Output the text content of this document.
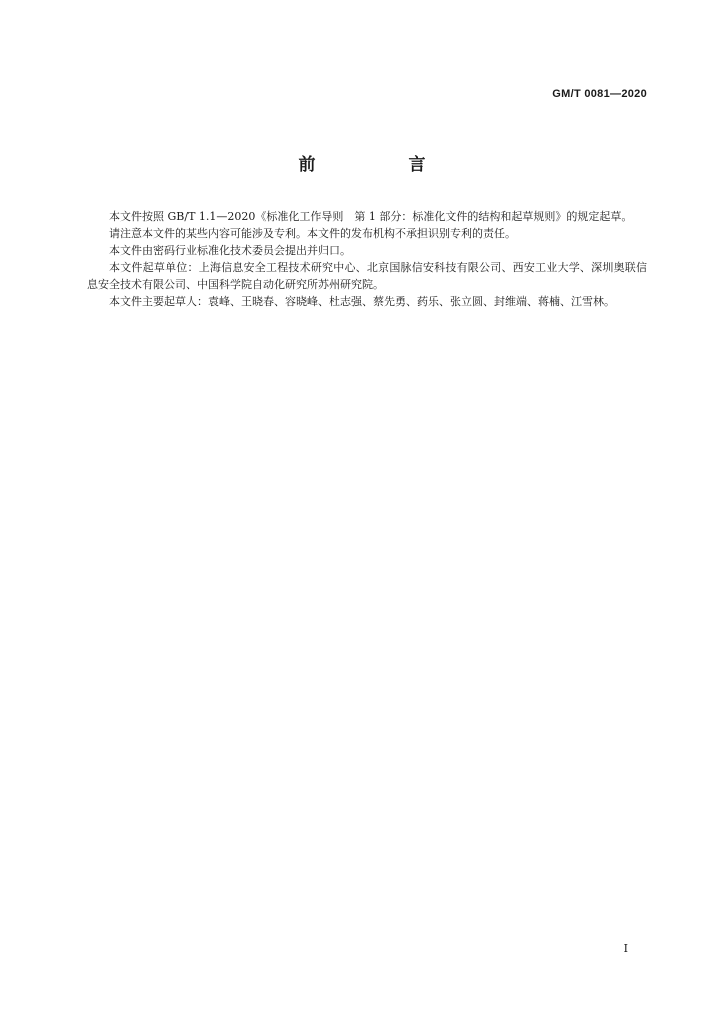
GM/T 0081—2020
前　言

本文件按照 GB/T 1.1—2020《标准化工作导则　第 1 部分：标准化文件的结构和起草规则》的规定起草。

请注意本文件的某些内容可能涉及专利。本文件的发布机构不承担识别专利的责任。

本文件由密码行业标准化技术委员会提出并归口。

本文件起草单位：上海信息安全工程技术研究中心、北京国脉信安科技有限公司、西安工业大学、深圳奥联信息安全技术有限公司、中国科学院自动化研究所苏州研究院。

本文件主要起草人：袁峰、王晓春、容晓峰、杜志强、蔡先勇、药乐、张立圆、封维端、蒋楠、江雪林。

I
